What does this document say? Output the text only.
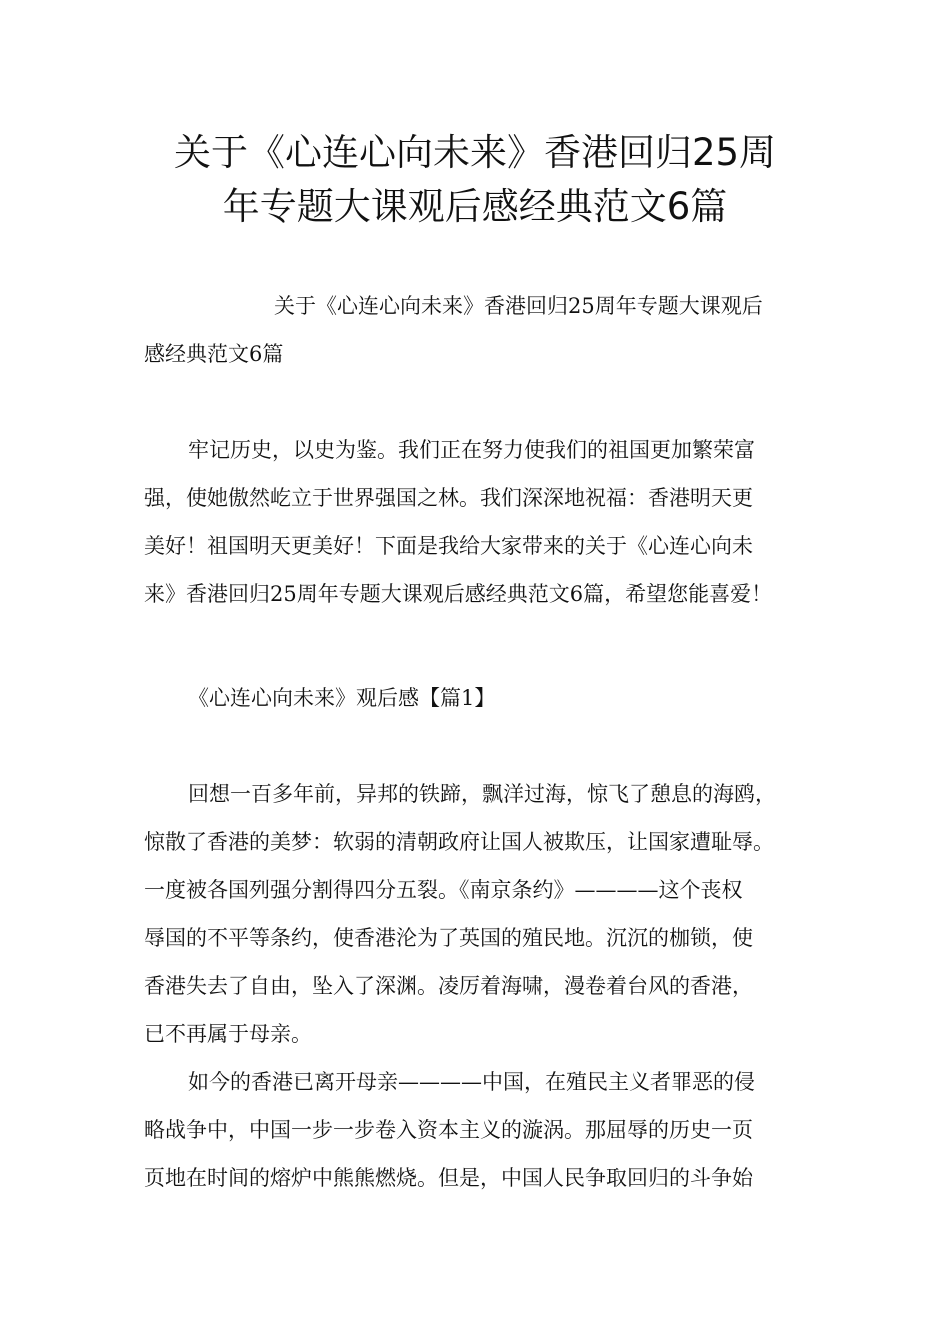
关于《心连心向未来》香港回归25周
年专题大课观后感经典范文6篇

关于《心连心向未来》香港回归25周年专题大课观后
感经典范文6篇

牢记历史，以史为鉴。我们正在努力使我们的祖国更加繁荣富
强，使她傲然屹立于世界强国之林。我们深深地祝福：香港明天更
美好！祖国明天更美好！下面是我给大家带来的关于《心连心向未
来》香港回归25周年专题大课观后感经典范文6篇，希望您能喜爱！

《心连心向未来》观后感【篇1】

回想一百多年前，异邦的铁蹄，飘洋过海，惊飞了憩息的海鸥，
惊散了香港的美梦：软弱的清朝政府让国人被欺压，让国家遭耻辱。
一度被各国列强分割得四分五裂。《南京条约》————这个丧权
辱国的不平等条约，使香港沦为了英国的殖民地。沉沉的枷锁，使
香港失去了自由，坠入了深渊。凌厉着海啸，漫卷着台风的香港，
已不再属于母亲。

如今的香港已离开母亲————中国，在殖民主义者罪恶的侵
略战争中，中国一步一步卷入资本主义的漩涡。那屈辱的历史一页
页地在时间的熔炉中熊熊燃烧。但是，中国人民争取回归的斗争始
